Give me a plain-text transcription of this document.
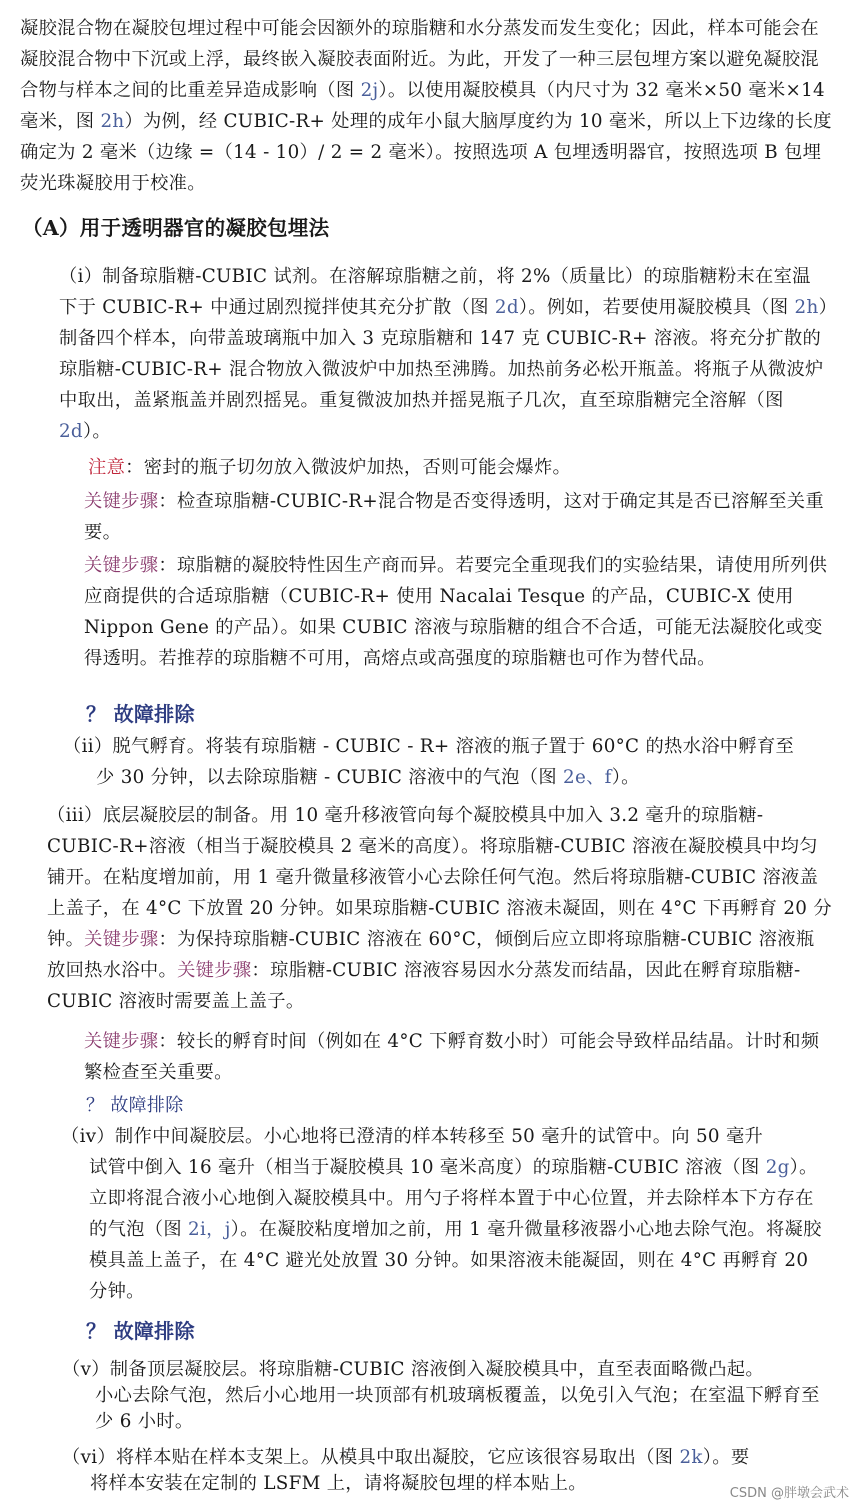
凝胶混合物在凝胶包埋过程中可能会因额外的琼脂糖和水分蒸发而发生变化；因此，样本可能会在凝胶混合物中下沉或上浮，最终嵌入凝胶表面附近。为此，开发了一种三层包埋方案以避免凝胶混合物与样本之间的比重差异造成影响（图 2j）。以使用凝胶模具（内尺寸为 32 毫米×50 毫米×14 毫米，图 2h）为例，经 CUBIC-R+ 处理的成年小鼠大脑厚度约为 10 毫米，所以上下边缘的长度确定为 2 毫米（边缘 =（14 - 10）/ 2 = 2 毫米）。按照选项 A 包埋透明器官，按照选项 B 包埋荧光珠凝胶用于校准。
（A）用于透明器官的凝胶包埋法
（i）制备琼脂糖-CUBIC 试剂。在溶解琼脂糖之前，将 2%（质量比）的琼脂糖粉末在室温下于 CUBIC-R+ 中通过剧烈搅拌使其充分扩散（图 2d）。例如，若要使用凝胶模具（图 2h）制备四个样本，向带盖玻璃瓶中加入 3 克琼脂糖和 147 克 CUBIC-R+ 溶液。将充分扩散的琼脂糖-CUBIC-R+ 混合物放入微波炉中加热至沸腾。加热前务必松开瓶盖。将瓶子从微波炉中取出，盖紧瓶盖并剧烈摇晃。重复微波加热并摇晃瓶子几次，直至琼脂糖完全溶解（图 2d）。
注意：密封的瓶子切勿放入微波炉加热，否则可能会爆炸。
关键步骤：检查琼脂糖-CUBIC-R+混合物是否变得透明，这对于确定其是否已溶解至关重要。
关键步骤：琼脂糖的凝胶特性因生产商而异。若要完全重现我们的实验结果，请使用所列供应商提供的合适琼脂糖（CUBIC-R+ 使用 Nacalai Tesque 的产品，CUBIC-X 使用 Nippon Gene 的产品）。如果 CUBIC 溶液与琼脂糖的组合不合适，可能无法凝胶化或变得透明。若推荐的琼脂糖不可用，高熔点或高强度的琼脂糖也可作为替代品。
？ 故障排除
（ii）脱气孵育。将装有琼脂糖 - CUBIC - R+ 溶液的瓶子置于 60°C 的热水浴中孵育至
少 30 分钟，以去除琼脂糖 - CUBIC 溶液中的气泡（图 2e、f）。
（iii）底层凝胶层的制备。用 10 毫升移液管向每个凝胶模具中加入 3.2 毫升的琼脂糖-CUBIC-R+溶液（相当于凝胶模具 2 毫米的高度）。将琼脂糖-CUBIC 溶液在凝胶模具中均匀铺开。在粘度增加前，用 1 毫升微量移液管小心去除任何气泡。然后将琼脂糖-CUBIC 溶液盖上盖子，在 4°C 下放置 20 分钟。如果琼脂糖-CUBIC 溶液未凝固，则在 4°C 下再孵育 20 分钟。关键步骤：为保持琼脂糖-CUBIC 溶液在 60°C，倾倒后应立即将琼脂糖-CUBIC 溶液瓶放回热水浴中。关键步骤：琼脂糖-CUBIC 溶液容易因水分蒸发而结晶，因此在孵育琼脂糖-CUBIC 溶液时需要盖上盖子。
关键步骤：较长的孵育时间（例如在 4°C 下孵育数小时）可能会导致样品结晶。计时和频繁检查至关重要。
？ 故障排除
（iv）制作中间凝胶层。小心地将已澄清的样本转移至 50 毫升的试管中。向 50 毫升
试管中倒入 16 毫升（相当于凝胶模具 10 毫米高度）的琼脂糖-CUBIC 溶液（图 2g）。立即将混合液小心地倒入凝胶模具中。用勺子将样本置于中心位置，并去除样本下方存在的气泡（图 2i，j）。在凝胶粘度增加之前，用 1 毫升微量移液器小心地去除气泡。将凝胶模具盖上盖子，在 4°C 避光处放置 30 分钟。如果溶液未能凝固，则在 4°C 再孵育 20 分钟。
？ 故障排除
（v）制备顶层凝胶层。将琼脂糖-CUBIC 溶液倒入凝胶模具中，直至表面略微凸起。
小心去除气泡，然后小心地用一块顶部有机玻璃板覆盖，以免引入气泡；在室温下孵育至少 6 小时。
（vi）将样本贴在样本支架上。从模具中取出凝胶，它应该很容易取出（图 2k）。要
将样本安装在定制的 LSFM 上，请将凝胶包埋的样本贴上。	CSDN @胖墩会武术
